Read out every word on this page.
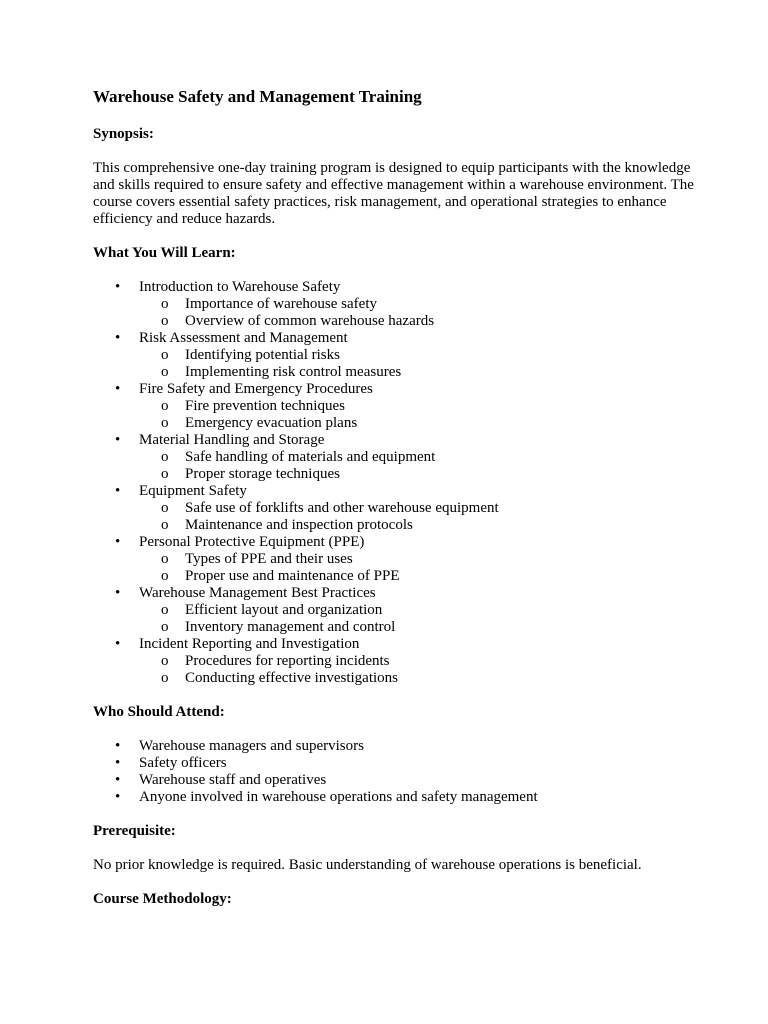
Warehouse Safety and Management Training
Synopsis:

This comprehensive one-day training program is designed to equip participants with the knowledge and skills required to ensure safety and effective management within a warehouse environment. The course covers essential safety practices, risk management, and operational strategies to enhance efficiency and reduce hazards.

What You Will Learn:
• Introduction to Warehouse Safety
o Importance of warehouse safety
o Overview of common warehouse hazards
• Risk Assessment and Management
o Identifying potential risks
o Implementing risk control measures
• Fire Safety and Emergency Procedures
o Fire prevention techniques
o Emergency evacuation plans
• Material Handling and Storage
o Safe handling of materials and equipment
o Proper storage techniques
• Equipment Safety
o Safe use of forklifts and other warehouse equipment
o Maintenance and inspection protocols
• Personal Protective Equipment (PPE)
o Types of PPE and their uses
o Proper use and maintenance of PPE
• Warehouse Management Best Practices
o Efficient layout and organization
o Inventory management and control
• Incident Reporting and Investigation
o Procedures for reporting incidents
o Conducting effective investigations
Who Should Attend:
• Warehouse managers and supervisors
• Safety officers
• Warehouse staff and operatives
• Anyone involved in warehouse operations and safety management
Prerequisite:

No prior knowledge is required. Basic understanding of warehouse operations is beneficial.

Course Methodology:
